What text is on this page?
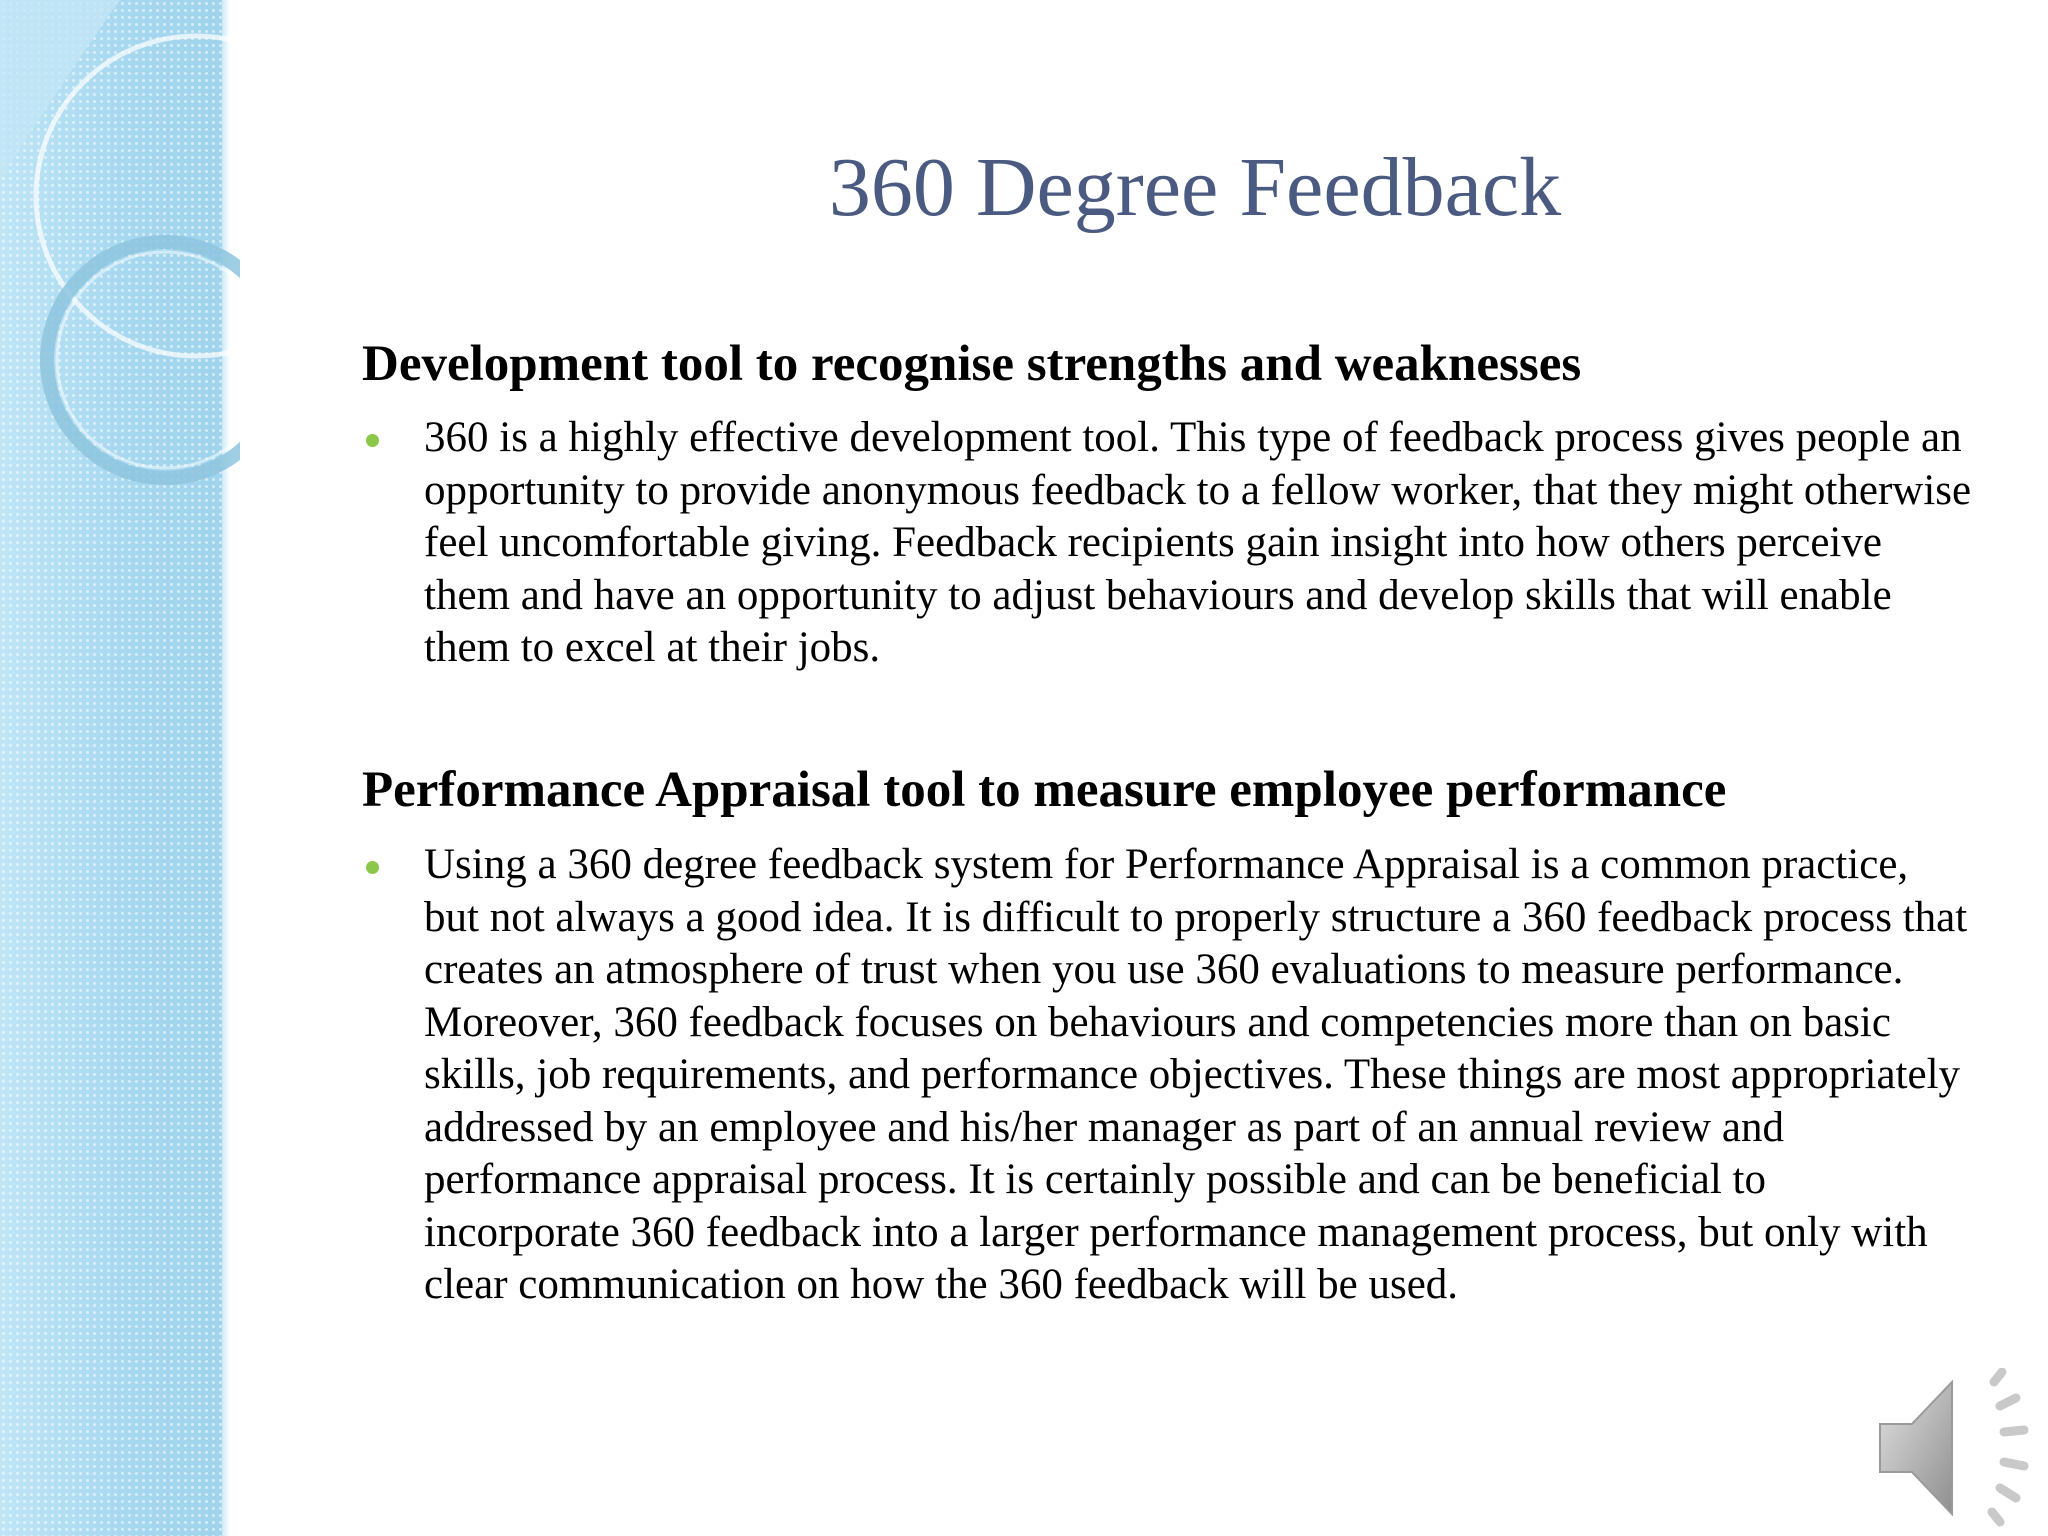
360 Degree Feedback
Development tool to recognise strengths and weaknesses

360 is a highly effective development tool. This type of feedback process gives people an opportunity to provide anonymous feedback to a fellow worker, that they might otherwise feel uncomfortable giving. Feedback recipients gain insight into how others perceive them and have an opportunity to adjust behaviours and develop skills that will enable them to excel at their jobs.

Performance Appraisal tool to measure employee performance

Using a 360 degree feedback system for Performance Appraisal is a common practice, but not always a good idea. It is difficult to properly structure a 360 feedback process that creates an atmosphere of trust when you use 360 evaluations to measure performance. Moreover, 360 feedback focuses on behaviours and competencies more than on basic skills, job requirements, and performance objectives. These things are most appropriately addressed by an employee and his/her manager as part of an annual review and performance appraisal process. It is certainly possible and can be beneficial to incorporate 360 feedback into a larger performance management process, but only with clear communication on how the 360 feedback will be used.
